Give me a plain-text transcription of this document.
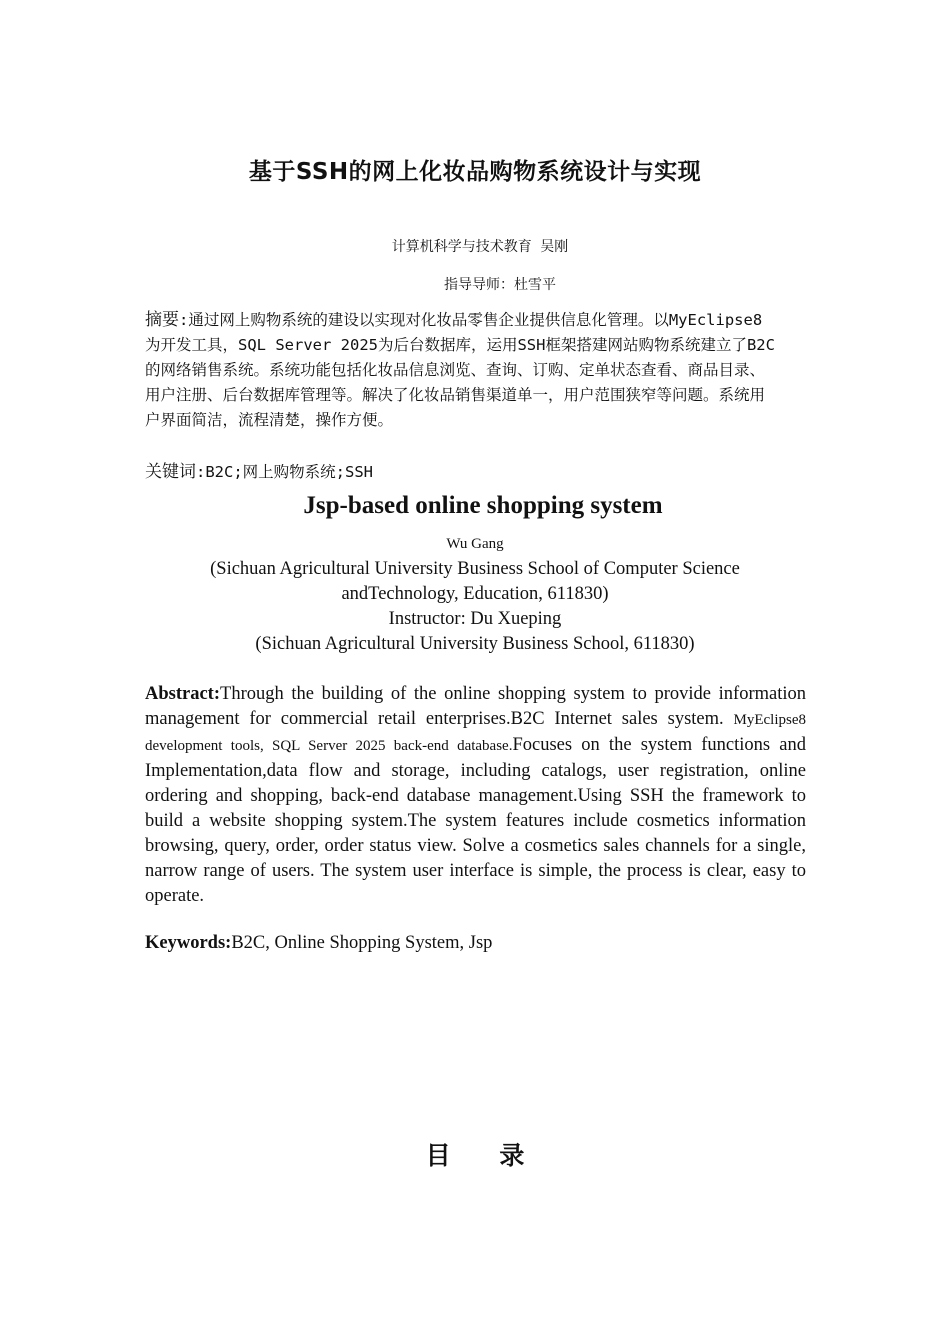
基于SSH的网上化妆品购物系统设计与实现
计算机科学与技术教育 吴刚
指导导师：杜雪平
摘要:通过网上购物系统的建设以实现对化妆品零售企业提供信息化管理。以MyEclipse8为开发工具，SQL Server 2025为后台数据库，运用SSH框架搭建网站购物系统建立了B2C的网络销售系统。系统功能包括化妆品信息浏览、查询、订购、定单状态查看、商品目录、用户注册、后台数据库管理等。解决了化妆品销售渠道单一，用户范围狭窄等问题。系统用户界面简洁，流程清楚，操作方便。
关键词:B2C;网上购物系统;SSH
Jsp-based online shopping system
Wu Gang
(Sichuan Agricultural University Business School of Computer Science
andTechnology, Education, 611830)
Instructor: Du Xueping
(Sichuan Agricultural University Business School, 611830)
Abstract:Through the building of the online shopping system to provide information management for commercial retail enterprises.B2C Internet sales system. MyEclipse8 development tools, SQL Server 2025 back-end database.Focuses on the system functions and Implementation,data flow and storage, including catalogs, user registration, online ordering and shopping, back-end database management.Using SSH the framework to build a website shopping system.The system features include cosmetics information browsing, query, order, order status view. Solve a cosmetics sales channels for a single, narrow range of users. The system user interface is simple, the process is clear, easy to operate.
Keywords:B2C, Online Shopping System, Jsp
目 录
